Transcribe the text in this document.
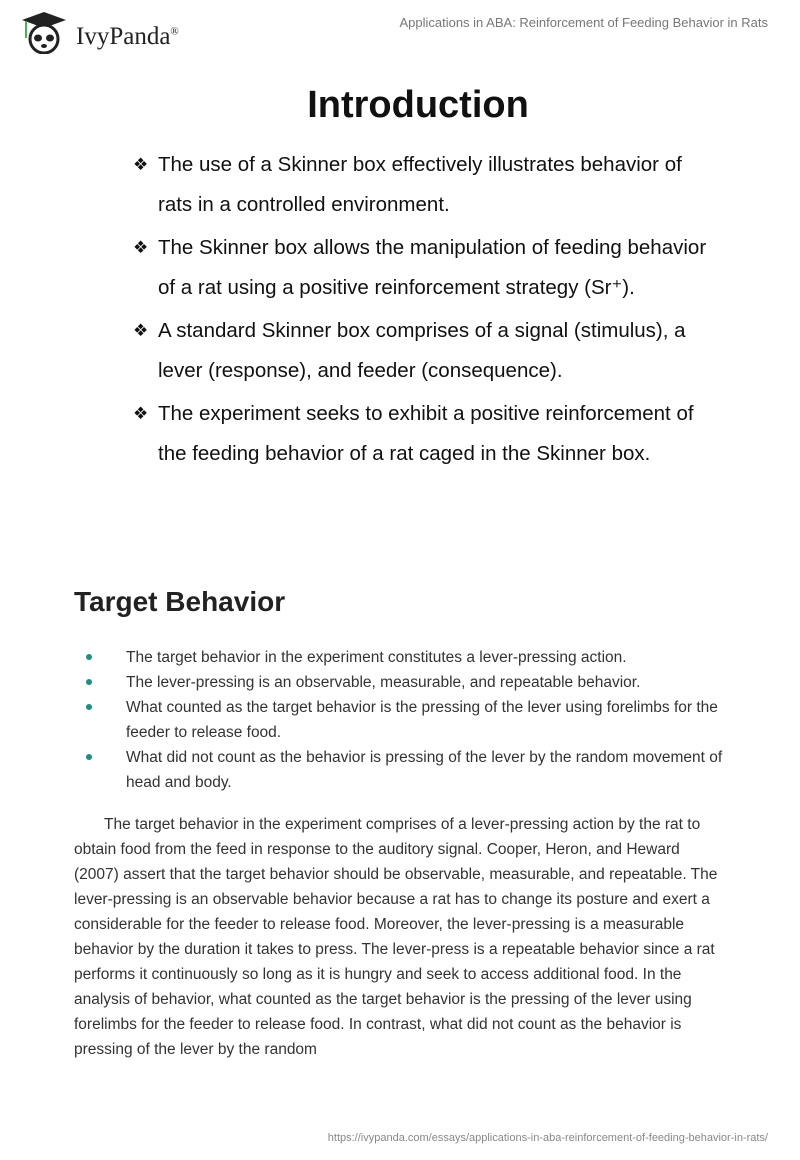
IvyPanda®
Applications in ABA: Reinforcement of Feeding Behavior in Rats
Introduction
❖ The use of a Skinner box effectively illustrates behavior of rats in a controlled environment.
❖ The Skinner box allows the manipulation of feeding behavior of a rat using a positive reinforcement strategy (Sr⁺).
❖ A standard Skinner box comprises of a signal (stimulus), a lever (response), and feeder (consequence).
❖ The experiment seeks to exhibit a positive reinforcement of the feeding behavior of a rat caged in the Skinner box.
Target Behavior
The target behavior in the experiment constitutes a lever-pressing action.
The lever-pressing is an observable, measurable, and repeatable behavior.
What counted as the target behavior is the pressing of the lever using forelimbs for the feeder to release food.
What did not count as the behavior is pressing of the lever by the random movement of head and body.

The target behavior in the experiment comprises of a lever-pressing action by the rat to obtain food from the feed in response to the auditory signal. Cooper, Heron, and Heward (2007) assert that the target behavior should be observable, measurable, and repeatable. The lever-pressing is an observable behavior because a rat has to change its posture and exert a considerable for the feeder to release food. Moreover, the lever-pressing is a measurable behavior by the duration it takes to press. The lever-press is a repeatable behavior since a rat performs it continuously so long as it is hungry and seek to access additional food. In the analysis of behavior, what counted as the target behavior is the pressing of the lever using forelimbs for the feeder to release food. In contrast, what did not count as the behavior is pressing of the lever by the random

https://ivypanda.com/essays/applications-in-aba-reinforcement-of-feeding-behavior-in-rats/
